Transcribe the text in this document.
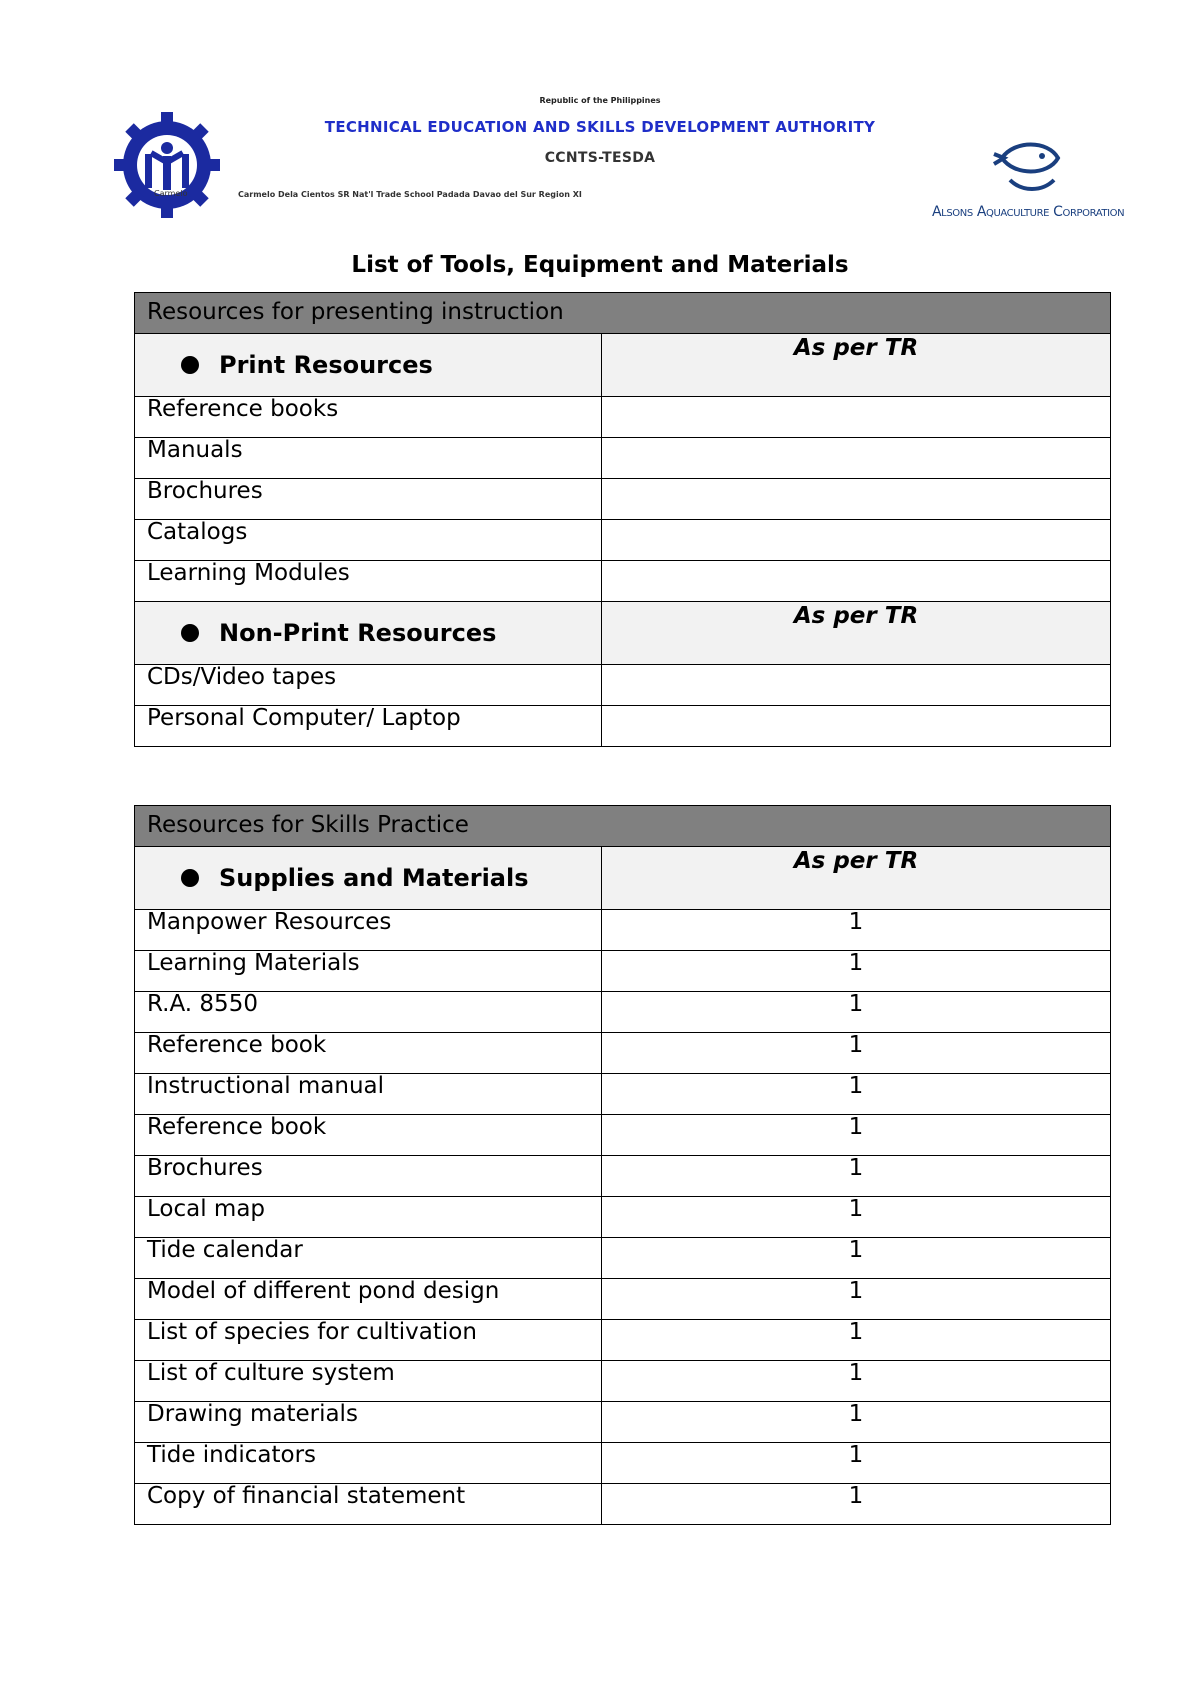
Carmelo
Republic of the Philippines
TECHNICAL EDUCATION AND SKILLS DEVELOPMENT AUTHORITY
CCNTS-TESDA
Carmelo Dela Cientos SR Nat'l Trade School Padada Davao del Sur Region XI
Alsons Aquaculture Corporation
List of Tools, Equipment and Materials
Resources for presenting instruction	
Print Resources	As per TR
Reference books	
Manuals	
Brochures	
Catalogs	
Learning Modules	
Non-Print Resources	As per TR
CDs/Video tapes	
Personal Computer/ Laptop	
Resources for Skills Practice	
Supplies and Materials	As per TR
Manpower Resources	1
Learning Materials	1
R.A. 8550	1
Reference book	1
Instructional manual	1
Reference book	1
Brochures	1
Local map	1
Tide calendar	1
Model of different pond design	1
List of species for cultivation	1
List of culture system	1
Drawing materials	1
Tide indicators	1
Copy of financial statement	1
